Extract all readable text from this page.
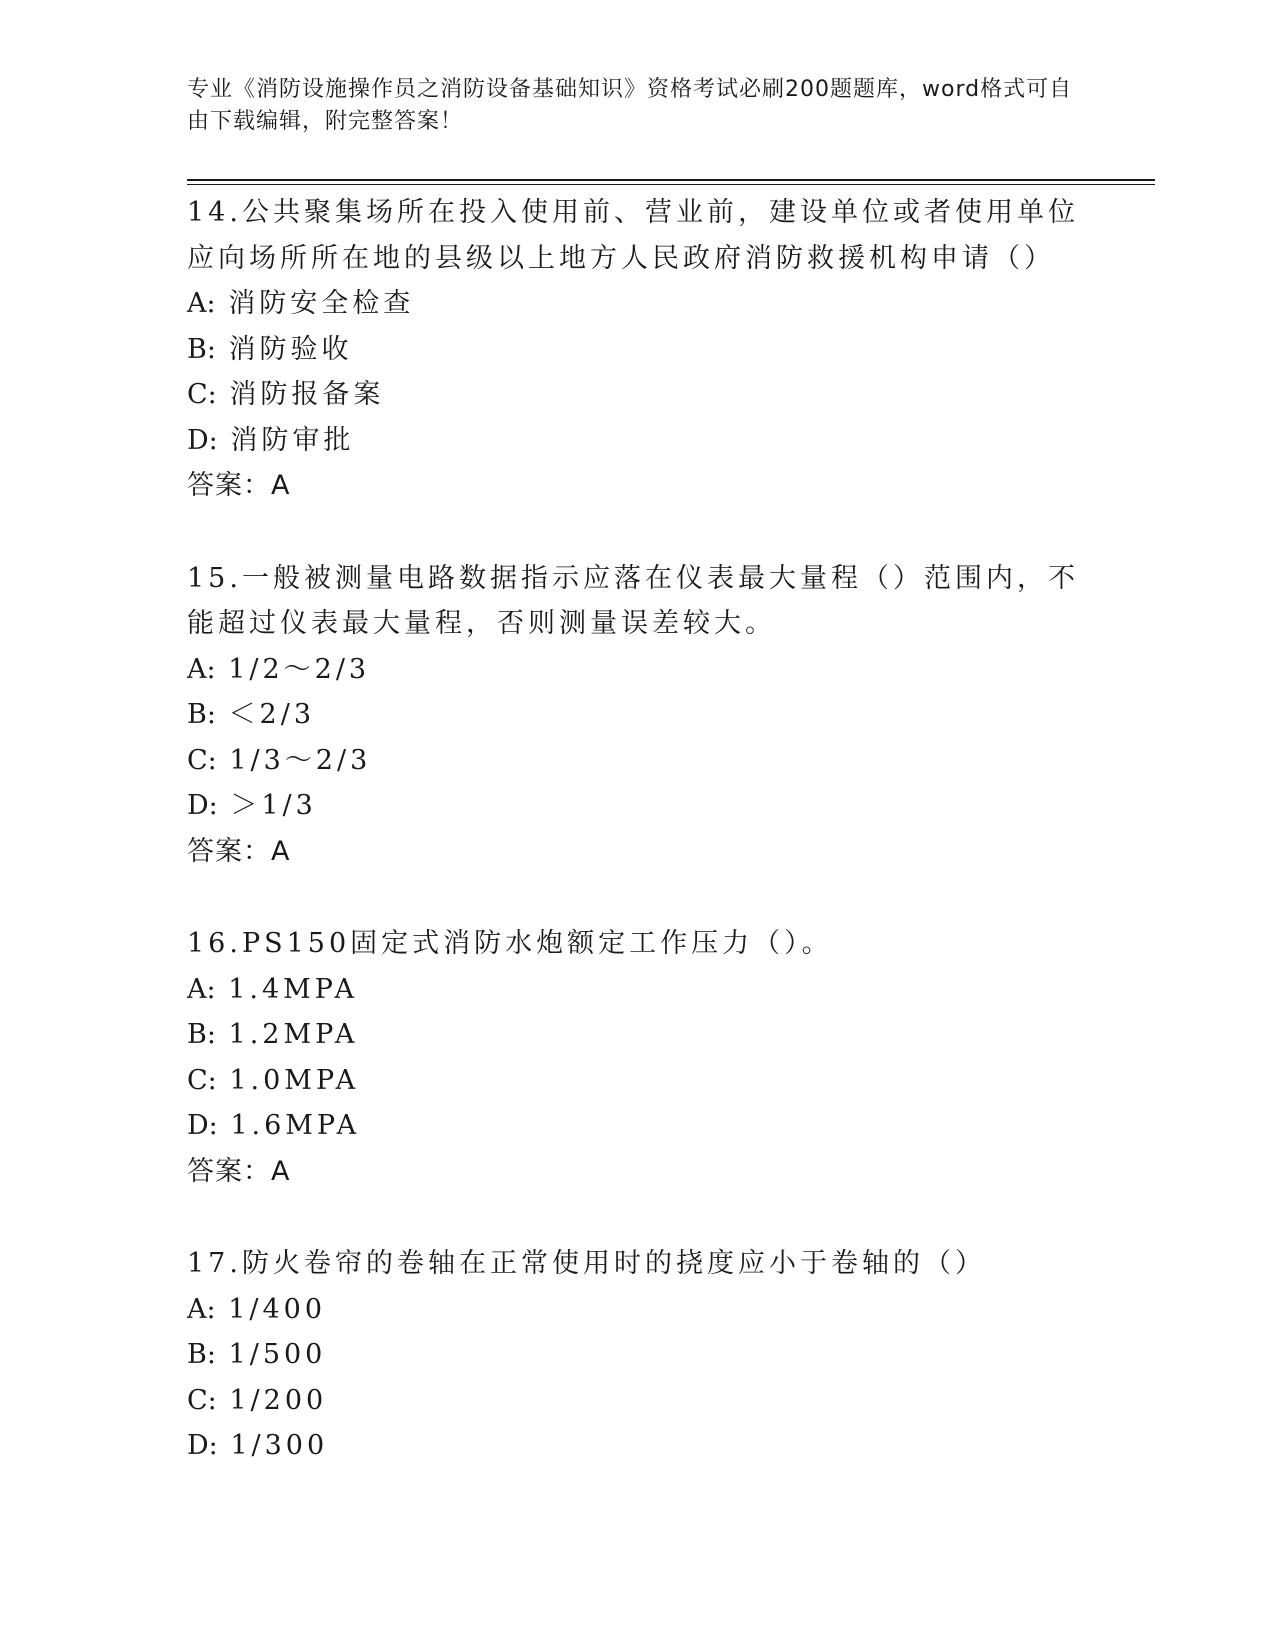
专业《消防设施操作员之消防设备基础知识》资格考试必刷200题题库，word格式可自由下载编辑，附完整答案！

14.公共聚集场所在投入使用前、营业前，建设单位或者使用单位应向场所所在地的县级以上地方人民政府消防救援机构申请（）

A: 消防安全检查

B: 消防验收

C: 消防报备案

D: 消防审批

答案：A

15.一般被测量电路数据指示应落在仪表最大量程（）范围内，不能超过仪表最大量程，否则测量误差较大。

A: 1/2～2/3

B: ＜2/3

C: 1/3～2/3

D: ＞1/3

答案：A

16.PS150固定式消防水炮额定工作压力（）。

A: 1.4MPA

B: 1.2MPA

C: 1.0MPA

D: 1.6MPA

答案：A

17.防火卷帘的卷轴在正常使用时的挠度应小于卷轴的（）

A: 1/400

B: 1/500

C: 1/200

D: 1/300
